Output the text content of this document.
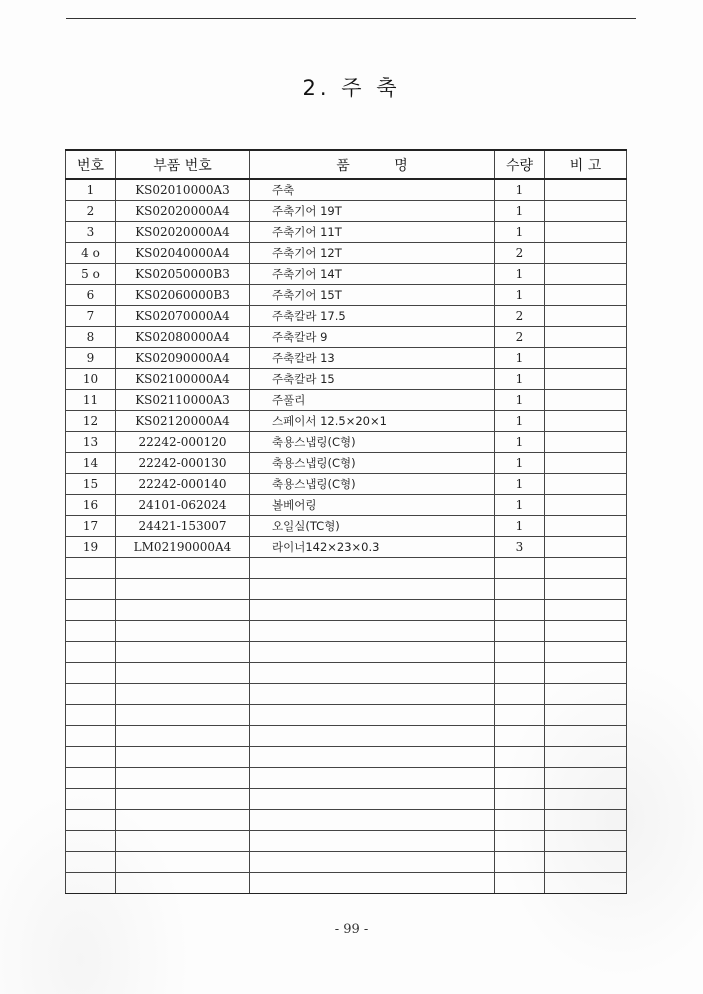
2. 주 축
번호	부품 번호	품          명	수량	비 고
1	KS02010000A3	주축	1	
2	KS02020000A4	주축기어 19T	1	
3	KS02020000A4	주축기어 11T	1	
4 o	KS02040000A4	주축기어 12T	2	
5 o	KS02050000B3	주축기어 14T	1	
6	KS02060000B3	주축기어 15T	1	
7	KS02070000A4	주축칼라 17.5	2	
8	KS02080000A4	주축칼라 9	2	
9	KS02090000A4	주축칼라 13	1	
10	KS02100000A4	주축칼라 15	1	
11	KS02110000A3	주풀리	1	
12	KS02120000A4	스페이서 12.5×20×1	1	
13	22242-000120	축용스냅링(C형)	1	
14	22242-000130	축용스냅링(C형)	1	
15	22242-000140	축용스냅링(C형)	1	
16	24101-062024	볼베어링	1	
17	24421-153007	오일실(TC형)	1	
19	LM02190000A4	라이너142×23×0.3	3	

- 99 -
